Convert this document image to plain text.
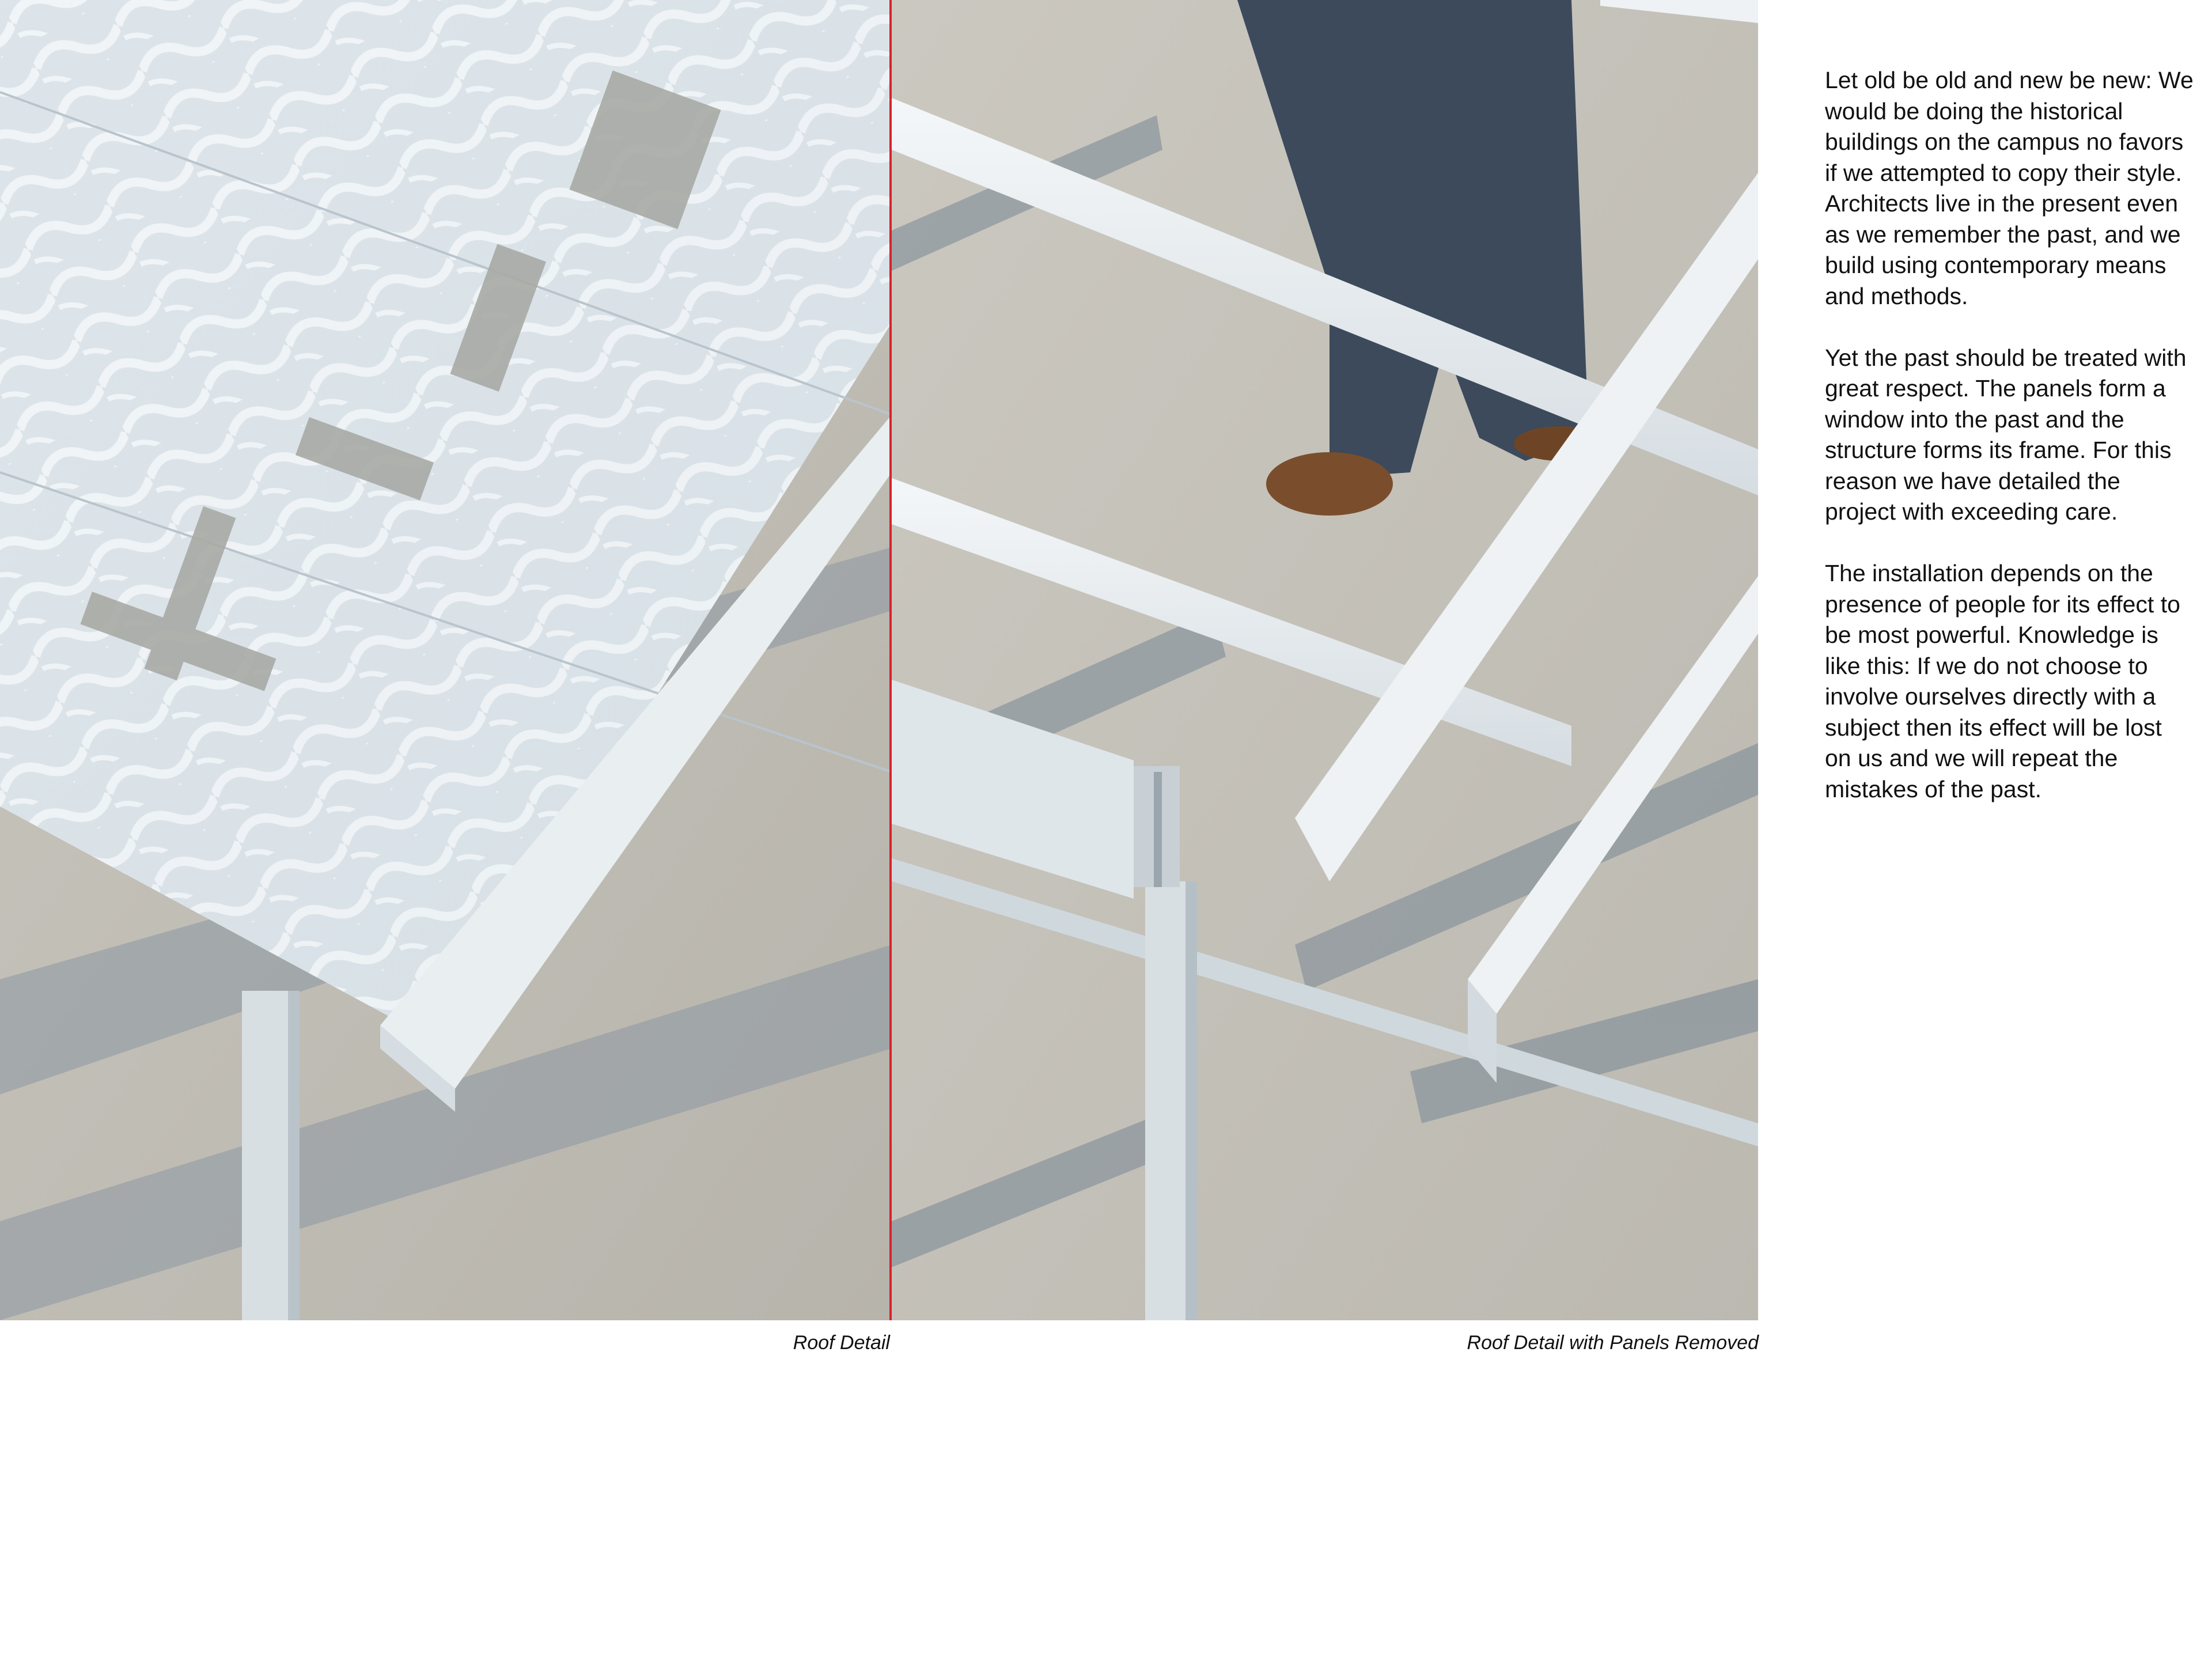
Roof Detail	Roof Detail with Panels Removed

Let old be old and new be new: We would be doing the historical buildings on the campus no favors if we attempted to copy their style. Architects live in the present even as we remember the past, and we build using contemporary means and methods.

Yet the past should be treated with great respect. The panels form a window into the past and the structure forms its frame. For this reason we have detailed the project with exceeding care.

The installation depends on the presence of people for its effect to be most powerful. Knowledge is like this: If we do not choose to involve ourselves directly with a subject then its effect will be lost on us and we will repeat the mistakes of the past.
